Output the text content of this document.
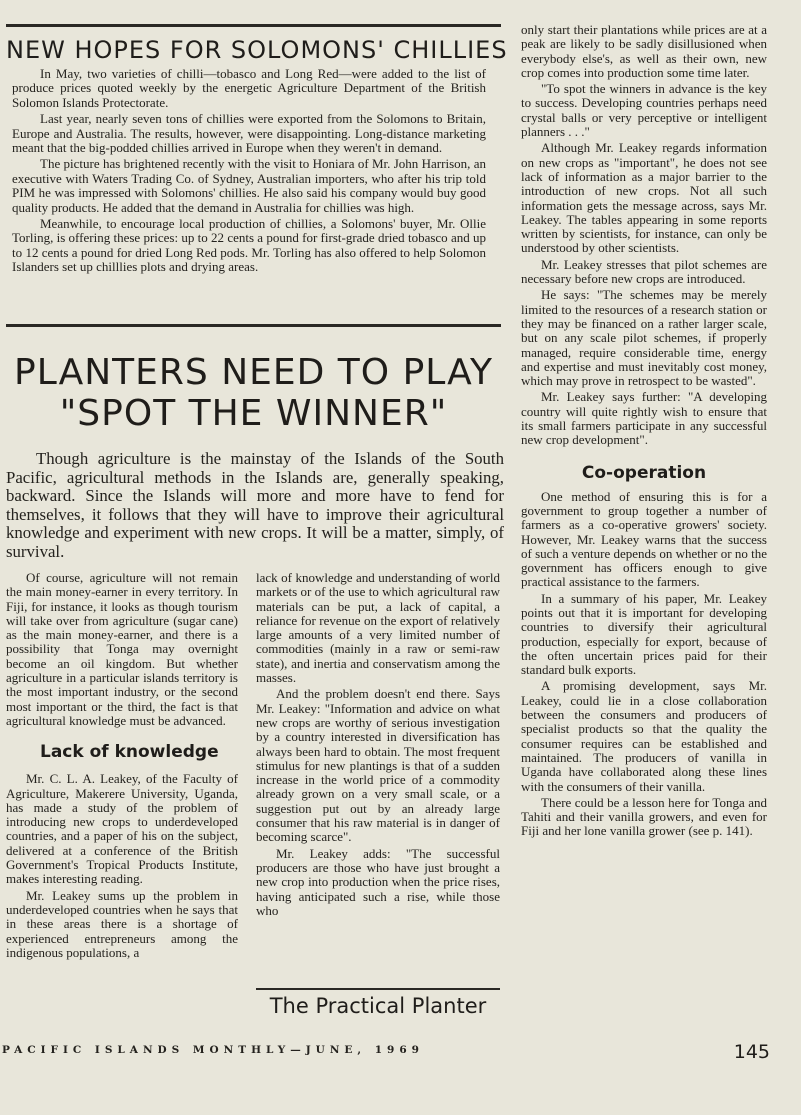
NEW HOPES FOR SOLOMONS' CHILLIES

In May, two varieties of chilli—tobasco and Long Red—were added to the list of produce prices quoted weekly by the energetic Agriculture Department of the British Solomon Islands Protectorate.

Last year, nearly seven tons of chillies were exported from the Solomons to Britain, Europe and Australia. The results, however, were disappointing. Long-distance marketing meant that the big-podded chillies arrived in Europe when they weren't in demand.

The picture has brightened recently with the visit to Honiara of Mr. John Harrison, an executive with Waters Trading Co. of Sydney, Australian importers, who after his trip told PIM he was impressed with Solomons' chillies. He also said his company would buy good quality products. He added that the demand in Australia for chillies was high.

Meanwhile, to encourage local production of chillies, a Solomons' buyer, Mr. Ollie Torling, is offering these prices: up to 22 cents a pound for first-grade dried tobasco and up to 12 cents a pound for dried Long Red pods. Mr. Torling has also offered to help Solomon Islanders set up chilllies plots and drying areas.

PLANTERS NEED TO PLAY
"SPOT THE WINNER"

Though agriculture is the mainstay of the Islands of the South Pacific, agricultural methods in the Islands are, generally speaking, backward. Since the Islands will more and more have to fend for themselves, it follows that they will have to improve their agricultural knowledge and experiment with new crops. It will be a matter, simply, of survival.

Of course, agriculture will not remain the main money-earner in every territory. In Fiji, for instance, it looks as though tourism will take over from agriculture (sugar cane) as the main money-earner, and there is a possibility that Tonga may overnight become an oil kingdom. But whether agriculture in a particular islands territory is the most important industry, or the second most important or the third, the fact is that agricultural knowledge must be advanced.

Lack of knowledge

Mr. C. L. A. Leakey, of the Faculty of Agriculture, Makerere University, Uganda, has made a study of the problem of introducing new crops to underdeveloped countries, and a paper of his on the subject, delivered at a conference of the British Government's Tropical Products Institute, makes interesting reading.

Mr. Leakey sums up the problem in underdeveloped countries when he says that in these areas there is a shortage of experienced entrepreneurs among the indigenous populations, a

lack of knowledge and understanding of world markets or of the use to which agricultural raw materials can be put, a lack of capital, a reliance for revenue on the export of relatively large amounts of a very limited number of commodities (mainly in a raw or semi-raw state), and inertia and conservatism among the masses.

And the problem doesn't end there. Says Mr. Leakey: "Information and advice on what new crops are worthy of serious investigation by a country interested in diversification has always been hard to obtain. The most frequent stimulus for new plantings is that of a sudden increase in the world price of a commodity already grown on a very small scale, or a suggestion put out by an already large consumer that his raw material is in danger of becoming scarce".

Mr. Leakey adds: "The successful producers are those who have just brought a new crop into production when the price rises, having anticipated such a rise, while those who

The Practical Planter

only start their plantations while prices are at a peak are likely to be sadly disillusioned when everybody else's, as well as their own, new crop comes into production some time later.

"To spot the winners in advance is the key to success. Developing countries perhaps need crystal balls or very perceptive or intelligent planners . . ."

Although Mr. Leakey regards information on new crops as "important", he does not see lack of information as a major barrier to the introduction of new crops. Not all such information gets the message across, says Mr. Leakey. The tables appearing in some reports written by scientists, for instance, can only be understood by other scientists.

Mr. Leakey stresses that pilot schemes are necessary before new crops are introduced.

He says: "The schemes may be merely limited to the resources of a research station or they may be financed on a rather larger scale, but on any scale pilot schemes, if properly managed, require considerable time, energy and expertise and must inevitably cost money, which may prove in retrospect to be wasted".

Mr. Leakey says further: "A developing country will quite rightly wish to ensure that its small farmers participate in any successful new crop development".

Co-operation

One method of ensuring this is for a government to group together a number of farmers as a co-operative growers' society. However, Mr. Leakey warns that the success of such a venture depends on whether or no the government has officers enough to give practical assistance to the farmers.

In a summary of his paper, Mr. Leakey points out that it is important for developing countries to diversify their agricultural production, especially for export, because of the often uncertain prices paid for their standard bulk exports.

A promising development, says Mr. Leakey, could lie in a close collaboration between the consumers and producers of specialist products so that the quality the consumer requires can be established and maintained. The producers of vanilla in Uganda have collaborated along these lines with the consumers of their vanilla.

There could be a lesson here for Tonga and Tahiti and their vanilla growers, and even for Fiji and her lone vanilla grower (see p. 141).

PACIFIC ISLANDS MONTHLY—JUNE, 1969	145
